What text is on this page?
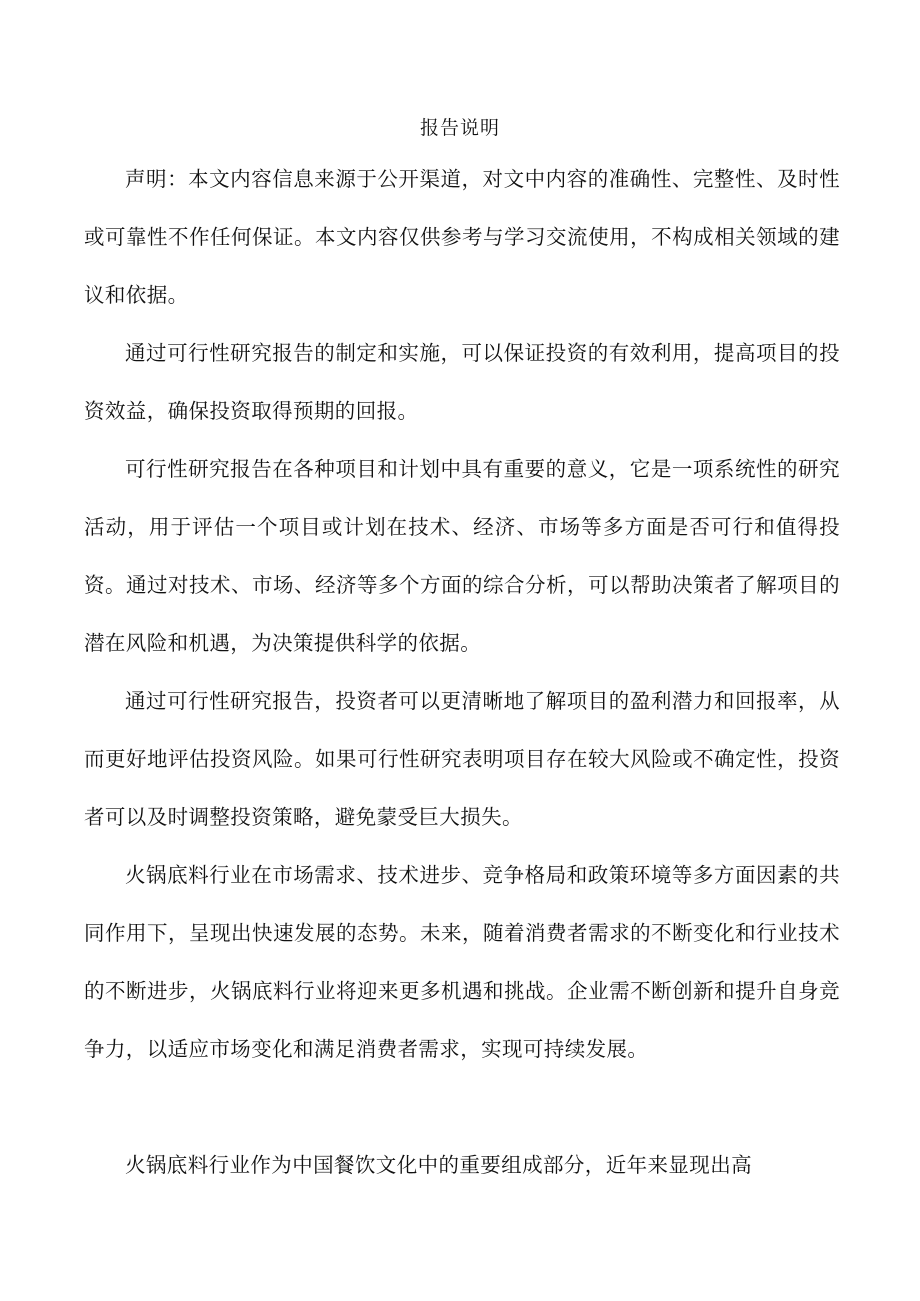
报告说明

声明：本文内容信息来源于公开渠道，对文中内容的准确性、完整性、及时性或可靠性不作任何保证。本文内容仅供参考与学习交流使用，不构成相关领域的建议和依据。

通过可行性研究报告的制定和实施，可以保证投资的有效利用，提高项目的投资效益，确保投资取得预期的回报。

可行性研究报告在各种项目和计划中具有重要的意义，它是一项系统性的研究活动，用于评估一个项目或计划在技术、经济、市场等多方面是否可行和值得投资。通过对技术、市场、经济等多个方面的综合分析，可以帮助决策者了解项目的潜在风险和机遇，为决策提供科学的依据。

通过可行性研究报告，投资者可以更清晰地了解项目的盈利潜力和回报率，从而更好地评估投资风险。如果可行性研究表明项目存在较大风险或不确定性，投资者可以及时调整投资策略，避免蒙受巨大损失。

火锅底料行业在市场需求、技术进步、竞争格局和政策环境等多方面因素的共同作用下，呈现出快速发展的态势。未来，随着消费者需求的不断变化和行业技术的不断进步，火锅底料行业将迎来更多机遇和挑战。企业需不断创新和提升自身竞争力，以适应市场变化和满足消费者需求，实现可持续发展。

火锅底料行业作为中国餐饮文化中的重要组成部分，近年来显现出高
